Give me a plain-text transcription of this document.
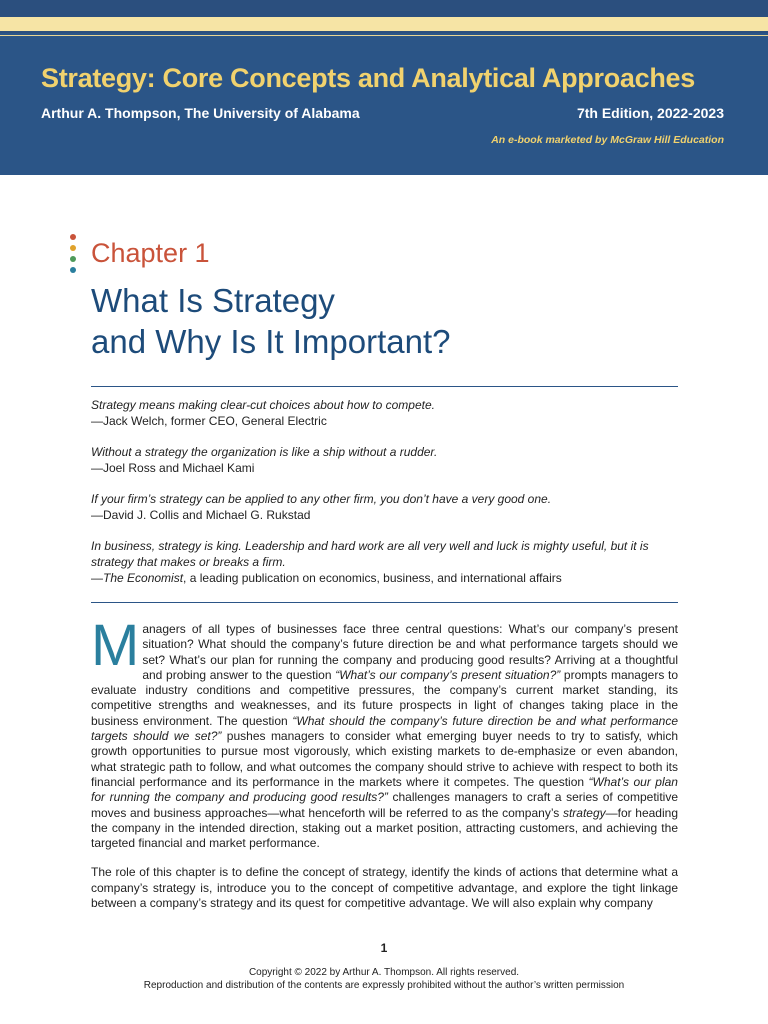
Strategy: Core Concepts and Analytical Approaches
Arthur A. Thompson, The University of Alabama	7th Edition, 2022-2023
An e-book marketed by McGraw Hill Education
Chapter 1
What Is Strategy
and Why Is It Important?
Strategy means making clear-cut choices about how to compete.
—Jack Welch, former CEO, General Electric
Without a strategy the organization is like a ship without a rudder.
—Joel Ross and Michael Kami
If your firm’s strategy can be applied to any other firm, you don’t have a very good one.
—David J. Collis and Michael G. Rukstad
In business, strategy is king. Leadership and hard work are all very well and luck is mighty useful, but it is strategy that makes or breaks a firm.
—The Economist, a leading publication on economics, business, and international affairs

Managers of all types of businesses face three central questions: What’s our company’s present situation? What should the company’s future direction be and what performance targets should we set? What’s our plan for running the company and producing good results? Arriving at a thoughtful and probing answer to the question “What’s our company’s present situation?” prompts managers to evaluate industry conditions and competitive pressures, the company’s current market standing, its competitive strengths and weaknesses, and its future prospects in light of changes taking place in the business environment. The question “What should the company’s future direction be and what performance targets should we set?” pushes managers to consider what emerging buyer needs to try to satisfy, which growth opportunities to pursue most vigorously, which existing markets to de-emphasize or even abandon, what strategic path to follow, and what outcomes the company should strive to achieve with respect to both its financial performance and its performance in the markets where it competes. The question “What’s our plan for running the company and producing good results?” challenges managers to craft a series of competitive moves and business approaches—what henceforth will be referred to as the company’s strategy—for heading the company in the intended direction, staking out a market position, attracting customers, and achieving the targeted financial and market performance.

The role of this chapter is to define the concept of strategy, identify the kinds of actions that determine what a company’s strategy is, introduce you to the concept of competitive advantage, and explore the tight linkage between a company’s strategy and its quest for competitive advantage. We will also explain why company

1
Copyright © 2022 by Arthur A. Thompson. All rights reserved.
Reproduction and distribution of the contents are expressly prohibited without the author’s written permission
